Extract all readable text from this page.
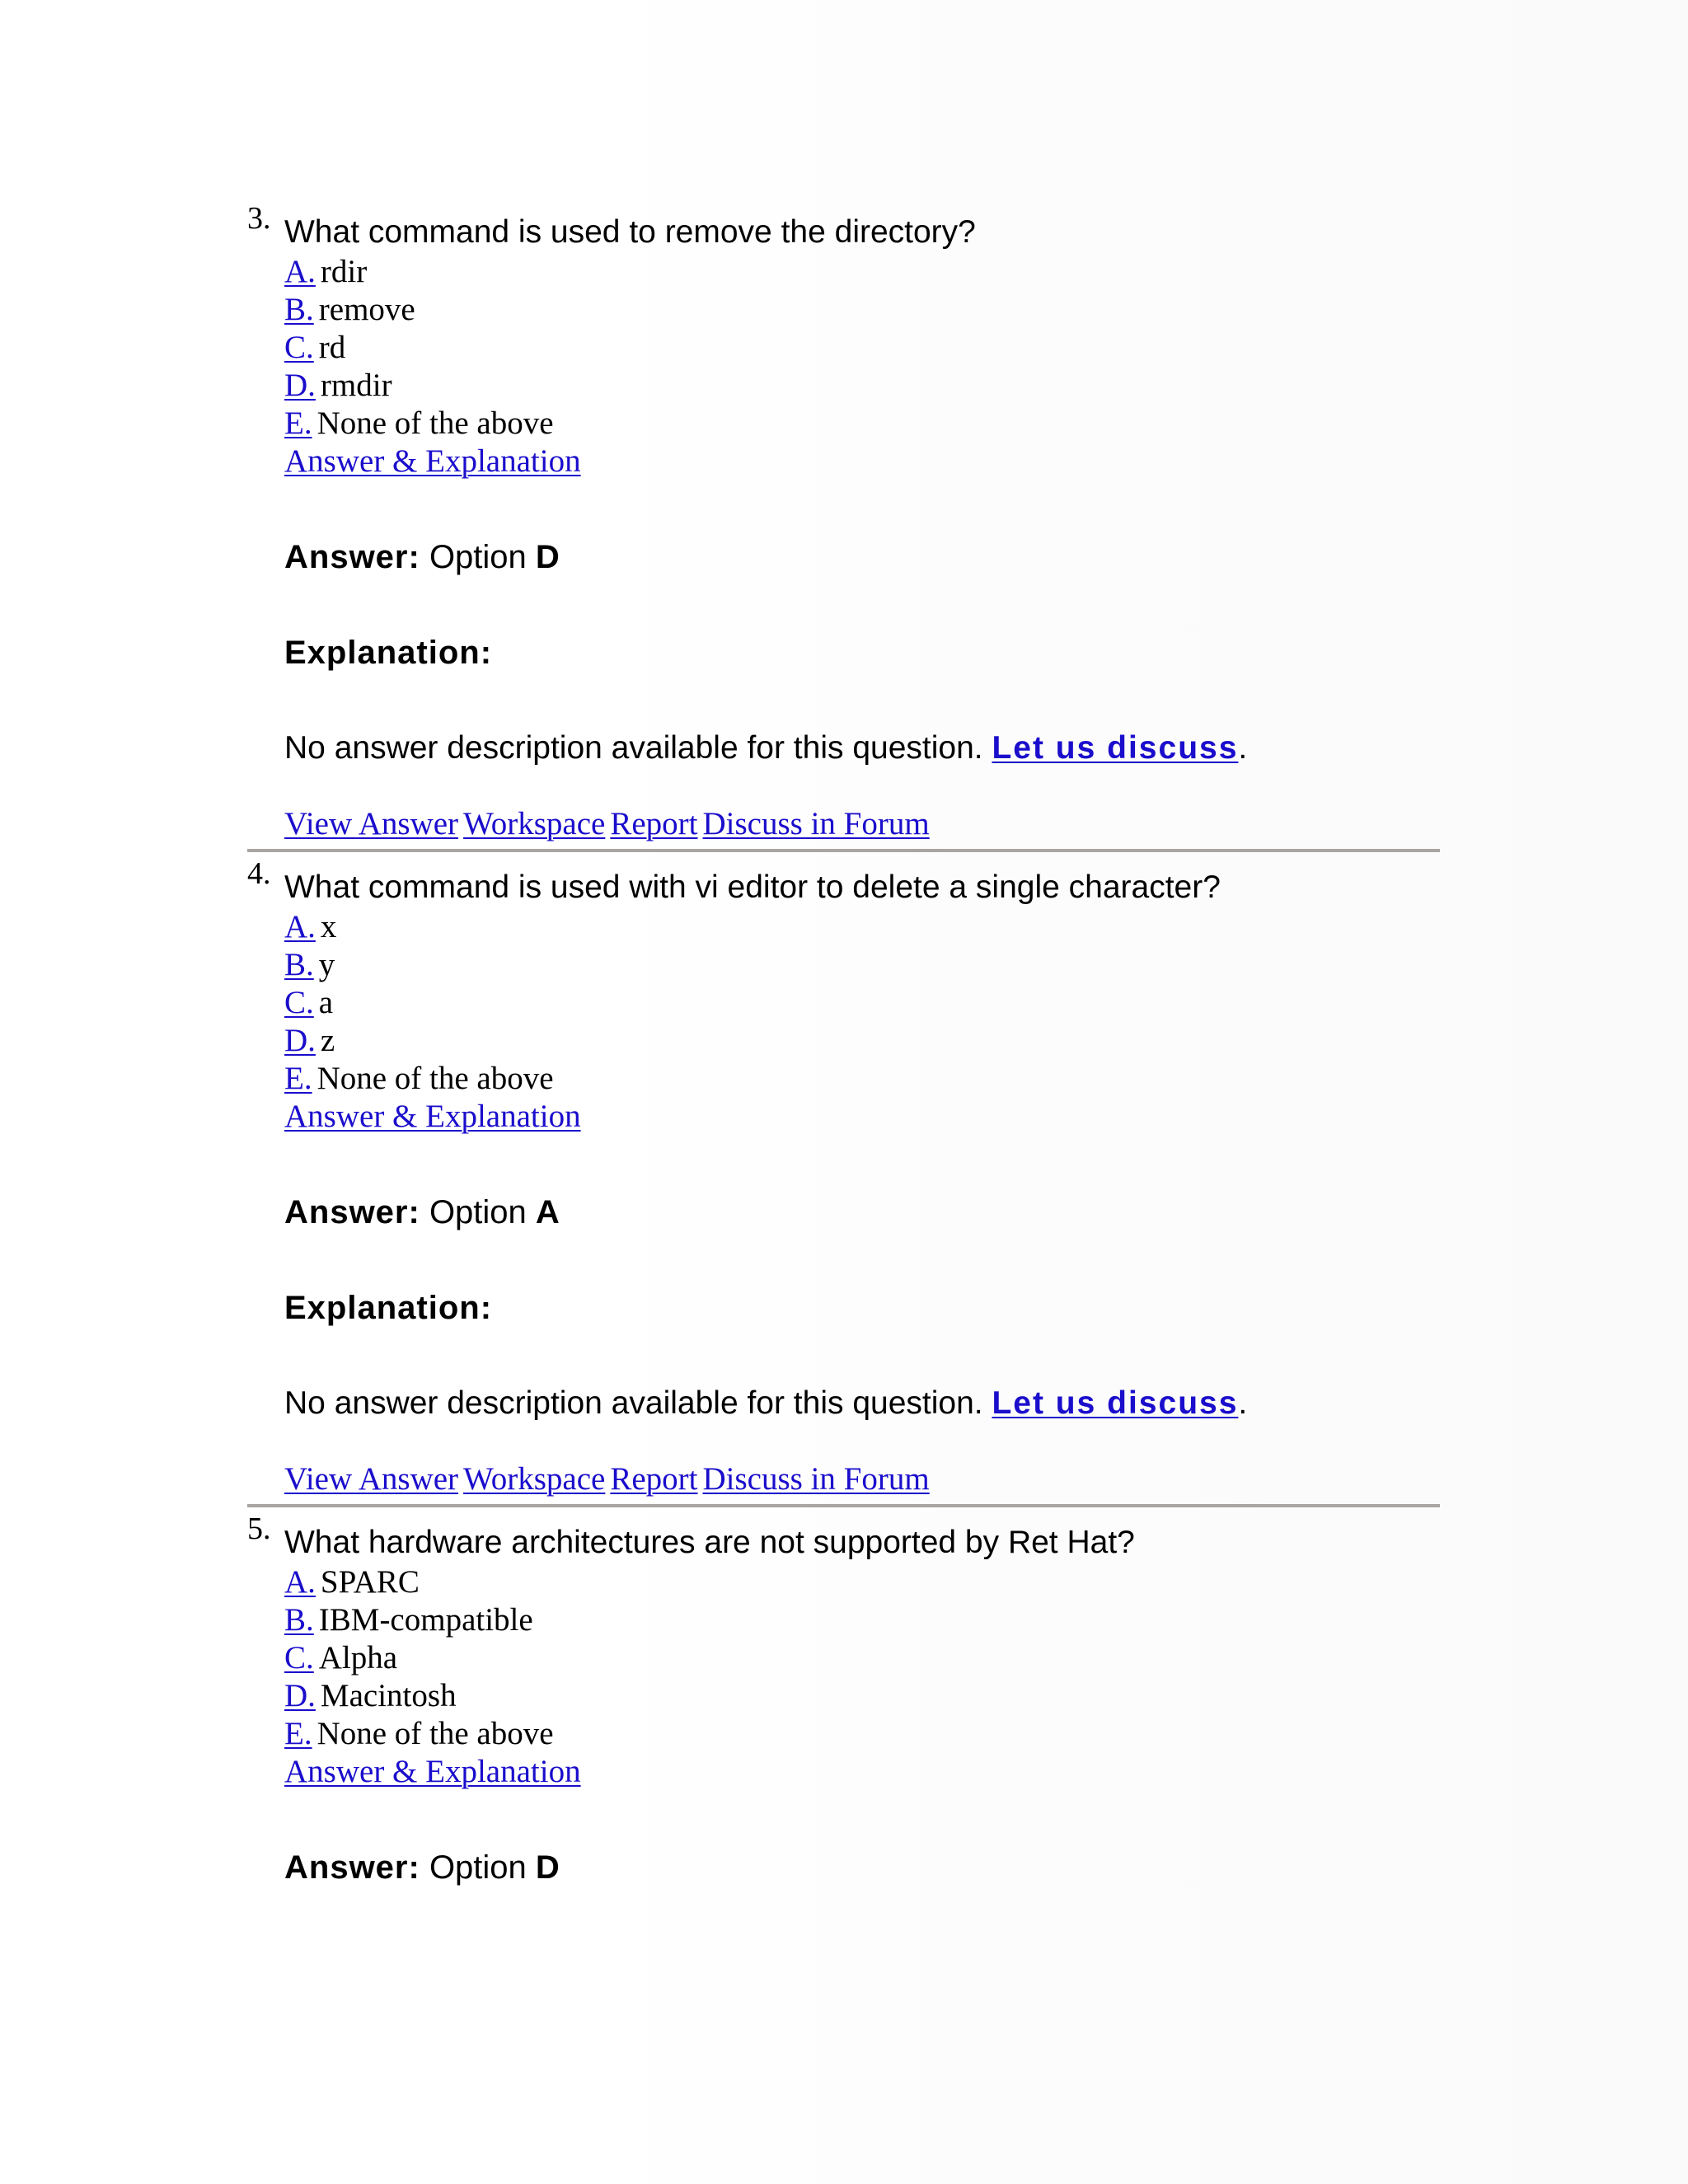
3. What command is used to remove the directory?
A. rdir
B. remove
C. rd
D. rmdir
E. None of the above
Answer & Explanation
Answer: Option D
Explanation:
No answer description available for this question. Let us discuss.
View Answer Workspace Report Discuss in Forum
4. What command is used with vi editor to delete a single character?
A. x
B. y
C. a
D. z
E. None of the above
Answer & Explanation
Answer: Option A
Explanation:
No answer description available for this question. Let us discuss.
View Answer Workspace Report Discuss in Forum
5. What hardware architectures are not supported by Ret Hat?
A. SPARC
B. IBM-compatible
C. Alpha
D. Macintosh
E. None of the above
Answer & Explanation
Answer: Option D
